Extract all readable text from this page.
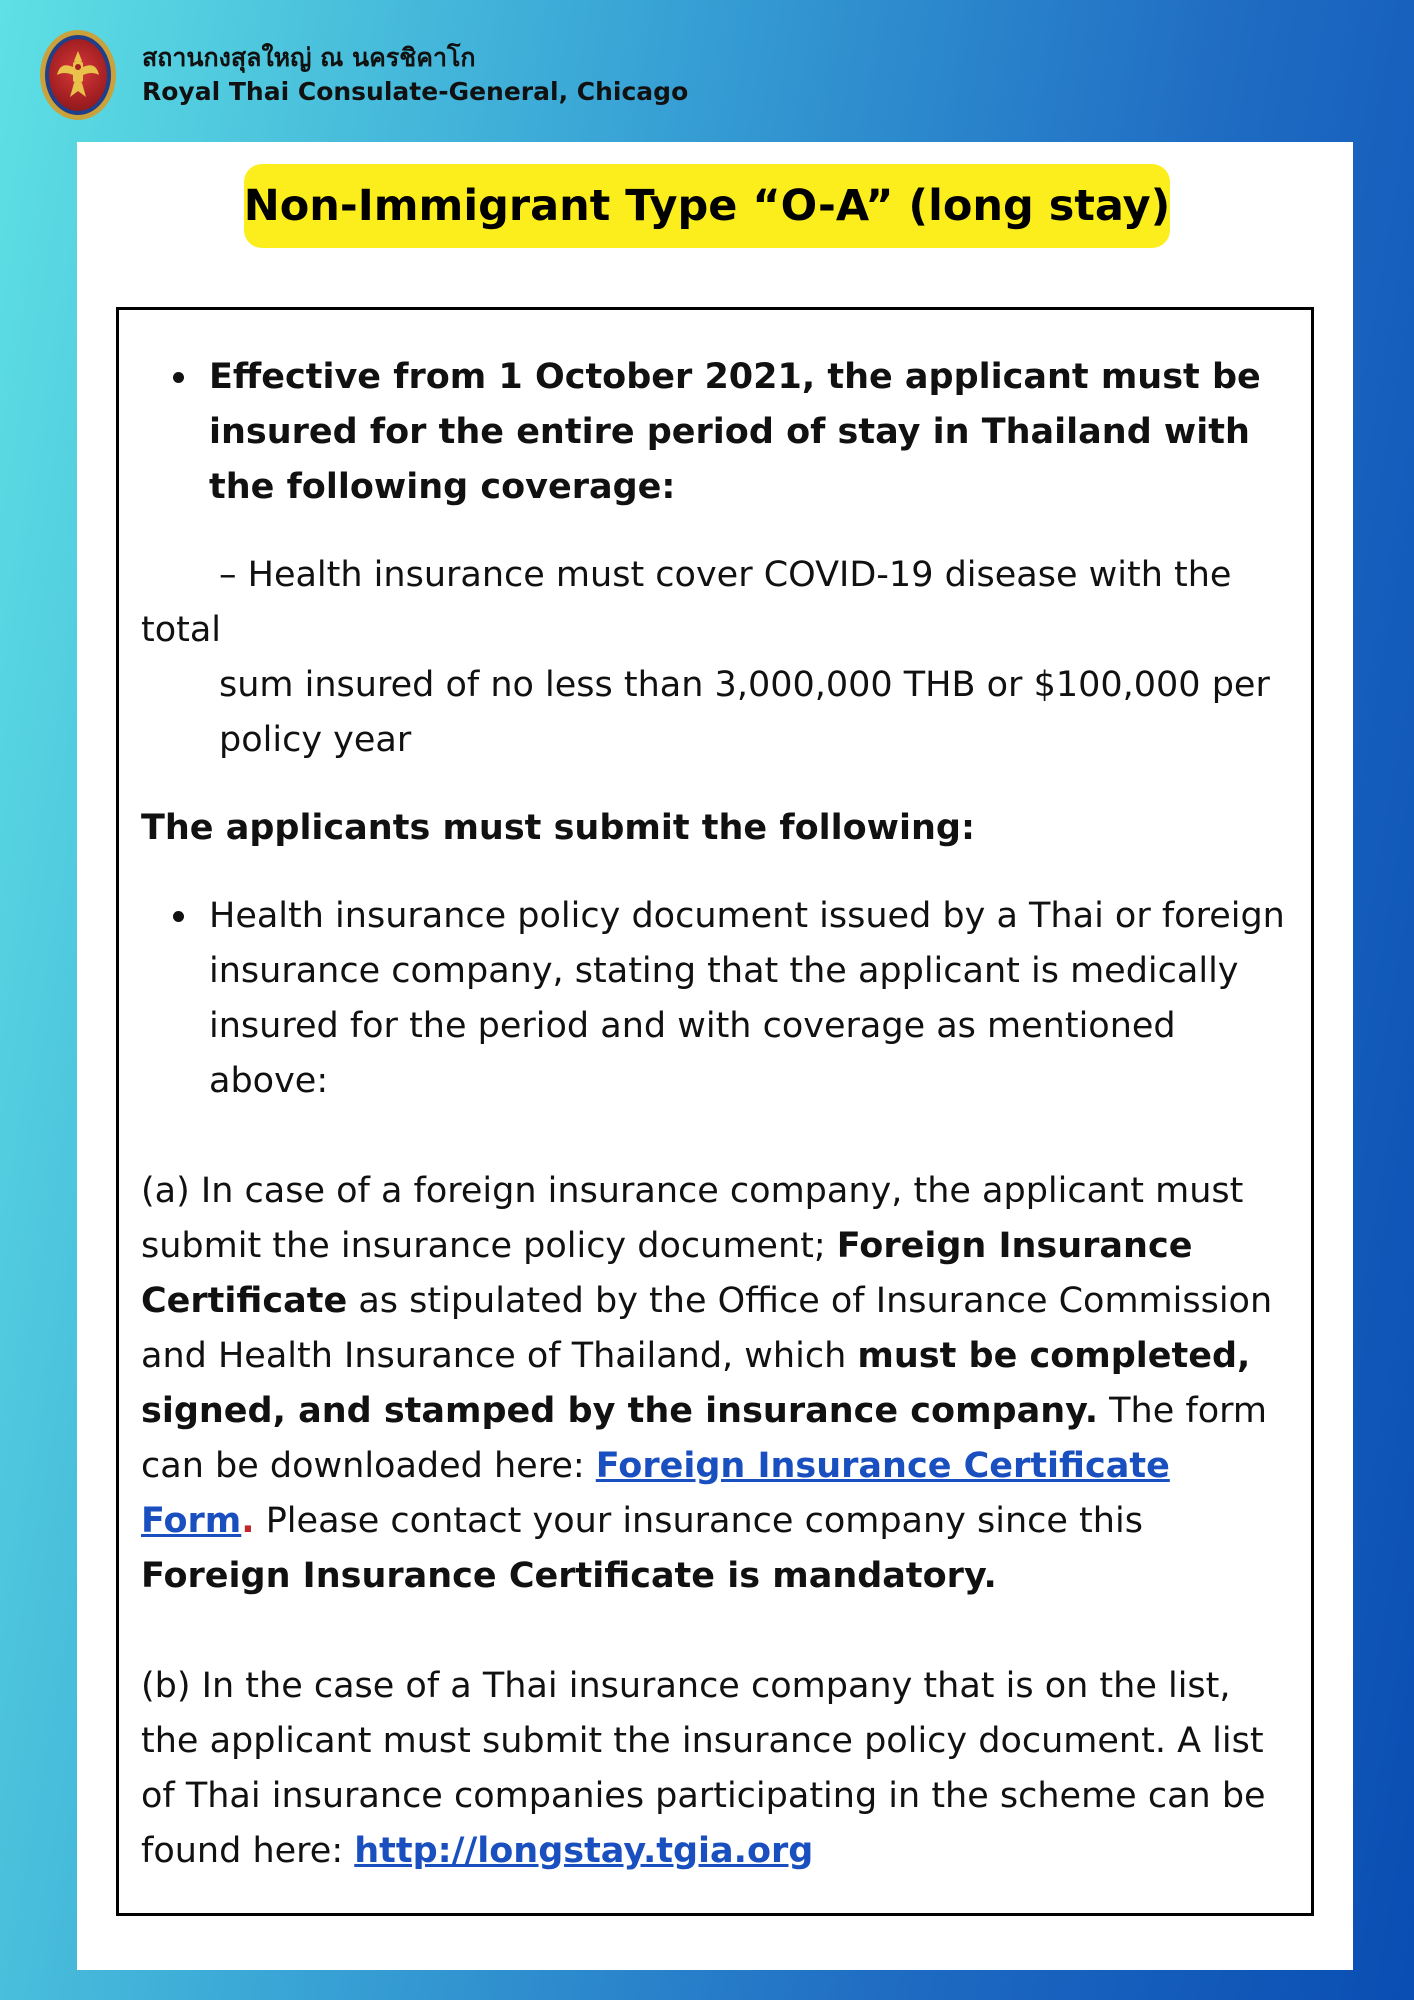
สถานกงสุลใหญ่ ณ นครชิคาโก
Royal Thai Consulate-General, Chicago
Non-Immigrant Type “O-A” (long stay)
Effective from 1 October 2021, the applicant must be insured for the entire period of stay in Thailand with the following coverage:
– Health insurance must cover COVID-19 disease with the
total
sum insured of no less than 3,000,000 THB or $100,000 per policy year
The applicants must submit the following:
Health insurance policy document issued by a Thai or foreign insurance company, stating that the applicant is medically insured for the period and with coverage as mentioned above:
(a) In case of a foreign insurance company, the applicant must submit the insurance policy document; Foreign Insurance Certificate as stipulated by the Office of Insurance Commission and Health Insurance of Thailand, which must be completed, signed, and stamped by the insurance company. The form can be downloaded here: Foreign Insurance Certificate Form. Please contact your insurance company since this Foreign Insurance Certificate is mandatory.
(b) In the case of a Thai insurance company that is on the list, the applicant must submit the insurance policy document. A list of Thai insurance companies participating in the scheme can be found here: http://longstay.tgia.org
